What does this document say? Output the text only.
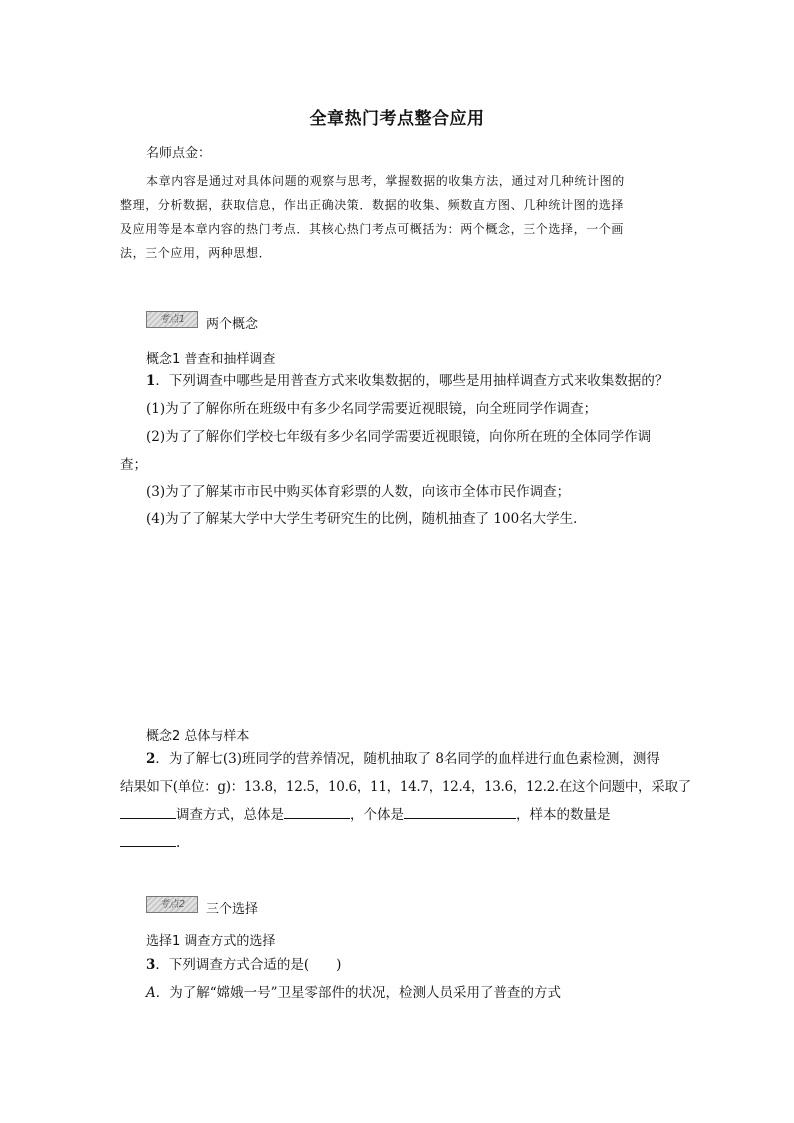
全章热门考点整合应用
名师点金：
本章内容是通过对具体问题的观察与思考，掌握数据的收集方法，通过对几种统计图的
整理，分析数据，获取信息，作出正确决策．数据的收集、频数直方图、几种统计图的选择
及应用等是本章内容的热门考点．其核心热门考点可概括为：两个概念，三个选择，一个画
法，三个应用，两种思想．
考点1	两个概念
概念1 普查和抽样调查
1．下列调查中哪些是用普查方式来收集数据的，哪些是用抽样调查方式来收集数据的？
(1)为了了解你所在班级中有多少名同学需要近视眼镜，向全班同学作调查；
(2)为了了解你们学校七年级有多少名同学需要近视眼镜，向你所在班的全体同学作调
查；
(3)为了了解某市市民中购买体育彩票的人数，向该市全体市民作调查；
(4)为了了解某大学中大学生考研究生的比例，随机抽查了 100名大学生．
概念2 总体与样本
2．为了解七(3)班同学的营养情况，随机抽取了 8名同学的血样进行血色素检测，测得
结果如下(单位：g)：13.8，12.5，10.6，11，14.7，12.4，13.6，12.2.在这个问题中，采取了
调查方式，总体是	，个体是	，样本的数量是
.
考点2	三个选择
选择1 调查方式的选择
3．下列调查方式合适的是(　　)
A．为了解“嫦娥一号”卫星零部件的状况，检测人员采用了普查的方式
